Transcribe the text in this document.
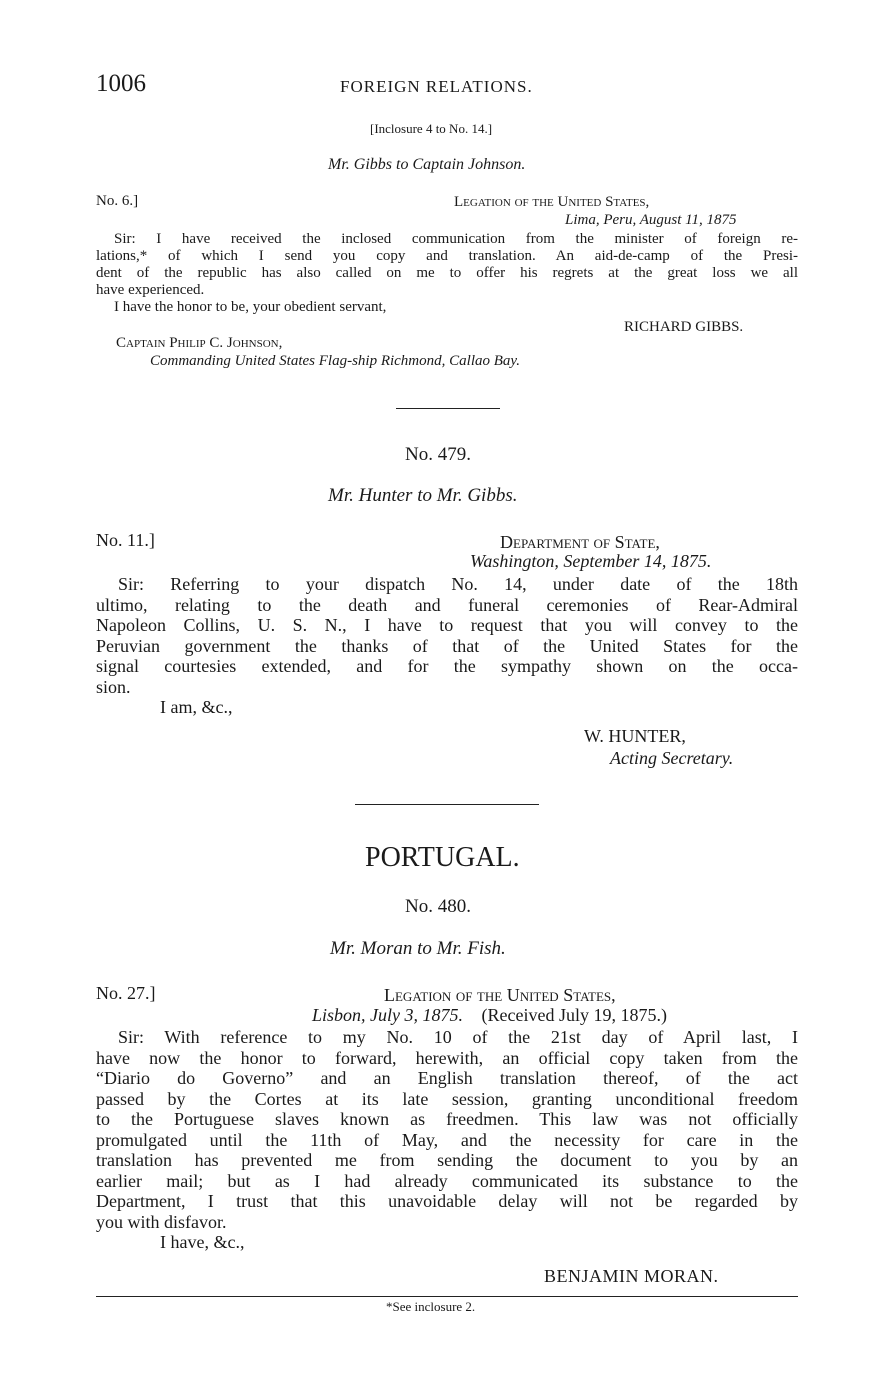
1006	FOREIGN RELATIONS.
[Inclosure 4 to No. 14.]
Mr. Gibbs to Captain Johnson.
No. 6.]	Legation of the United States,
Lima, Peru, August 11, 1875
Sir: I have received the inclosed communication from the minister of foreign re-
lations,* of which I send you copy and translation. An aid-de-camp of the Presi-
dent of the republic has also called on me to offer his regrets at the great loss we all
have experienced.
I have the honor to be, your obedient servant,
RICHARD GIBBS.
Captain Philip C. Johnson,
Commanding United States Flag-ship Richmond, Callao Bay.
No. 479.
Mr. Hunter to Mr. Gibbs.
No. 11.]	Department of State,
Washington, September 14, 1875.
Sir: Referring to your dispatch No. 14, under date of the 18th
ultimo, relating to the death and funeral ceremonies of Rear-Admiral
Napoleon Collins, U. S. N., I have to request that you will convey to the
Peruvian government the thanks of that of the United States for the
signal courtesies extended, and for the sympathy shown on the occa-
sion.
I am, &c.,
W. HUNTER,
Acting Secretary.
PORTUGAL.
No. 480.
Mr. Moran to Mr. Fish.
No. 27.]	Legation of the United States,
Lisbon, July 3, 1875. (Received July 19, 1875.)
Sir: With reference to my No. 10 of the 21st day of April last, I
have now the honor to forward, herewith, an official copy taken from the
“Diario do Governo” and an English translation thereof, of the act
passed by the Cortes at its late session, granting unconditional freedom
to the Portuguese slaves known as freedmen. This law was not officially
promulgated until the 11th of May, and the necessity for care in the
translation has prevented me from sending the document to you by an
earlier mail; but as I had already communicated its substance to the
Department, I trust that this unavoidable delay will not be regarded by
you with disfavor.
I have, &c.,
BENJAMIN MORAN.
*See inclosure 2.
